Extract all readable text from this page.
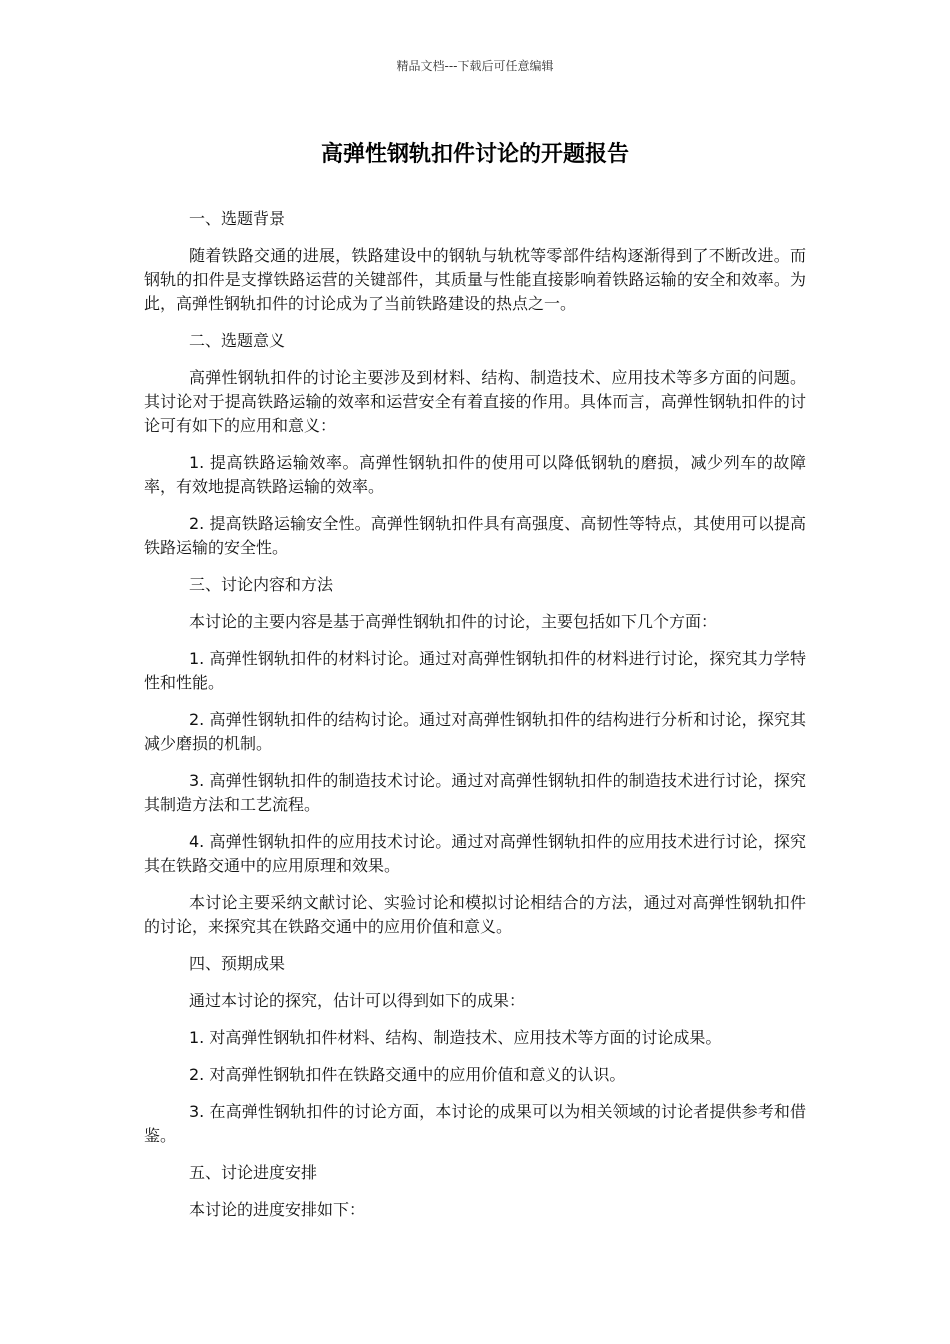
精品文档---下载后可任意编辑
高弹性钢轨扣件讨论的开题报告

一、选题背景

随着铁路交通的进展，铁路建设中的钢轨与轨枕等零部件结构逐渐得到了不断改进。而钢轨的扣件是支撑铁路运营的关键部件，其质量与性能直接影响着铁路运输的安全和效率。为此，高弹性钢轨扣件的讨论成为了当前铁路建设的热点之一。

二、选题意义

高弹性钢轨扣件的讨论主要涉及到材料、结构、制造技术、应用技术等多方面的问题。其讨论对于提高铁路运输的效率和运营安全有着直接的作用。具体而言，高弹性钢轨扣件的讨论可有如下的应用和意义：

1. 提高铁路运输效率。高弹性钢轨扣件的使用可以降低钢轨的磨损，减少列车的故障率，有效地提高铁路运输的效率。

2. 提高铁路运输安全性。高弹性钢轨扣件具有高强度、高韧性等特点，其使用可以提高铁路运输的安全性。

三、讨论内容和方法

本讨论的主要内容是基于高弹性钢轨扣件的讨论，主要包括如下几个方面：

1. 高弹性钢轨扣件的材料讨论。通过对高弹性钢轨扣件的材料进行讨论，探究其力学特性和性能。

2. 高弹性钢轨扣件的结构讨论。通过对高弹性钢轨扣件的结构进行分析和讨论，探究其减少磨损的机制。

3. 高弹性钢轨扣件的制造技术讨论。通过对高弹性钢轨扣件的制造技术进行讨论，探究其制造方法和工艺流程。

4. 高弹性钢轨扣件的应用技术讨论。通过对高弹性钢轨扣件的应用技术进行讨论，探究其在铁路交通中的应用原理和效果。

本讨论主要采纳文献讨论、实验讨论和模拟讨论相结合的方法，通过对高弹性钢轨扣件的讨论，来探究其在铁路交通中的应用价值和意义。

四、预期成果

通过本讨论的探究，估计可以得到如下的成果：

1. 对高弹性钢轨扣件材料、结构、制造技术、应用技术等方面的讨论成果。

2. 对高弹性钢轨扣件在铁路交通中的应用价值和意义的认识。

3. 在高弹性钢轨扣件的讨论方面，本讨论的成果可以为相关领域的讨论者提供参考和借鉴。

五、讨论进度安排

本讨论的进度安排如下：
